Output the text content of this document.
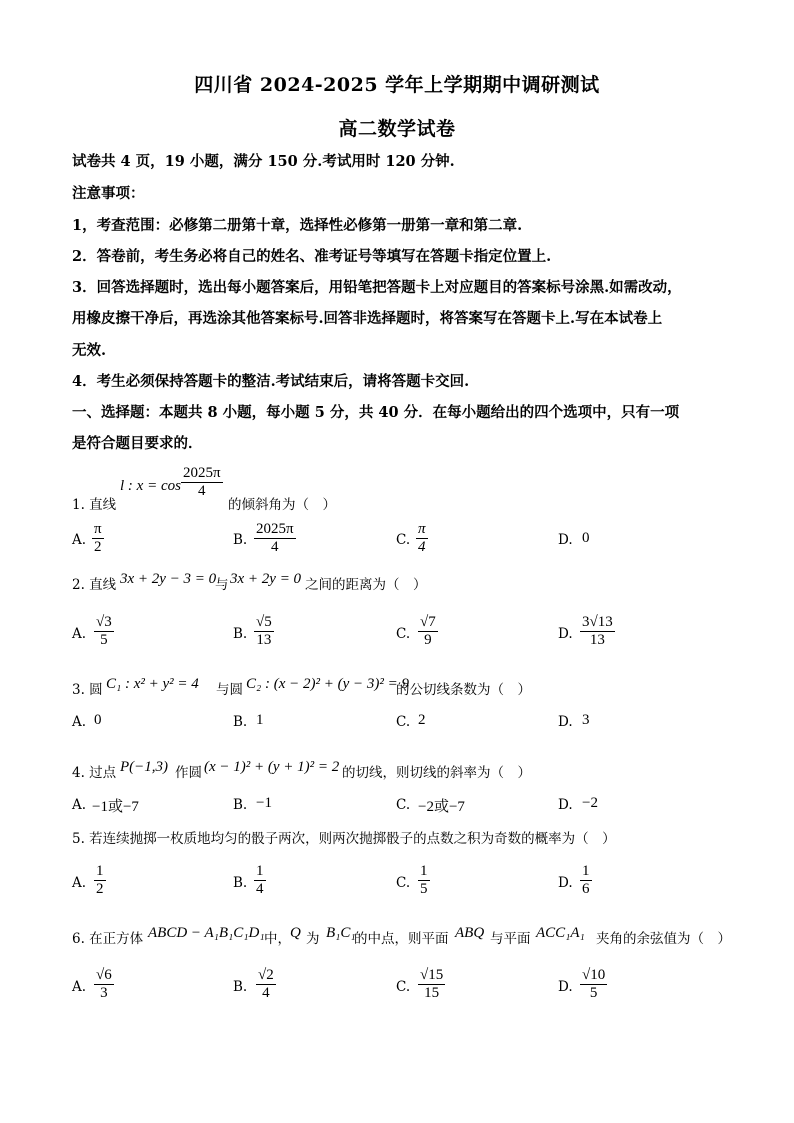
四川省 2024-2025 学年上学期期中调研测试
高二数学试卷
试卷共 4 页，19 小题，满分 150 分.考试用时 120 分钟.
注意事项：
1，考查范围：必修第二册第十章，选择性必修第一册第一章和第二章.
2．答卷前，考生务必将自己的姓名、准考证号等填写在答题卡指定位置上.
3．回答选择题时，选出每小题答案后，用铅笔把答题卡上对应题目的答案标号涂黑.如需改动，
用橡皮擦干净后，再选涂其他答案标号.回答非选择题时，将答案写在答题卡上.写在本试卷上
无效.
4．考生必须保持答题卡的整洁.考试结束后，请将答题卡交回.
一、选择题：本题共 8 小题，每小题 5 分，共 40 分．在每小题给出的四个选项中，只有一项
是符合题目要求的．
1. 直线
l : $x = \cos \frac{2025\pi}{4}$
的倾斜角为（　）
A. $\frac{\pi}{2}$	B. $\frac{2025\pi}{4}$	C. $\frac{\pi}{4}$	D. 0
2. 直线 3x + 2y − 3 = 0
与 3x + 2y = 0 之间的距离为（　）
A. $\frac{√3}{5}$	B. $\frac{√5}{13}$	C. $\frac{√7}{9}$	D. $\frac{3√13}{13}$
3. 圆 C₁ : x² + y² = 4 与圆 C₂ : (x − 2)² + (y − 3)² = 9
的公切线条数为（　）
A. 0	B. 1	C. 2	D. 3
4. 过点 P(−1,3) 作圆 (x − 1)² + (y + 1)² = 2 的切线，则切线的斜率为（　）
A. −1或−7	B. −1	C. −2或−7	D. −2
5. 若连续抛掷一枚质地均匀的骰子两次，则两次抛掷骰子的点数之积为奇数的概率为（　）
A. $\frac{1}{2}$	B. $\frac{1}{4}$	C. $\frac{1}{5}$	D. $\frac{1}{6}$
6. 在正方体 ABCD − A₁B₁C₁D₁ 中， Q 为 B₁C₁
的中点，则平面 ABQ 与平面 ACC₁A₁ 夹角的余弦值为（　）
A. $\frac{√6}{3}$	B. $\frac{√2}{4}$	C. $\frac{√15}{15}$	D. $\frac{√10}{5}$
